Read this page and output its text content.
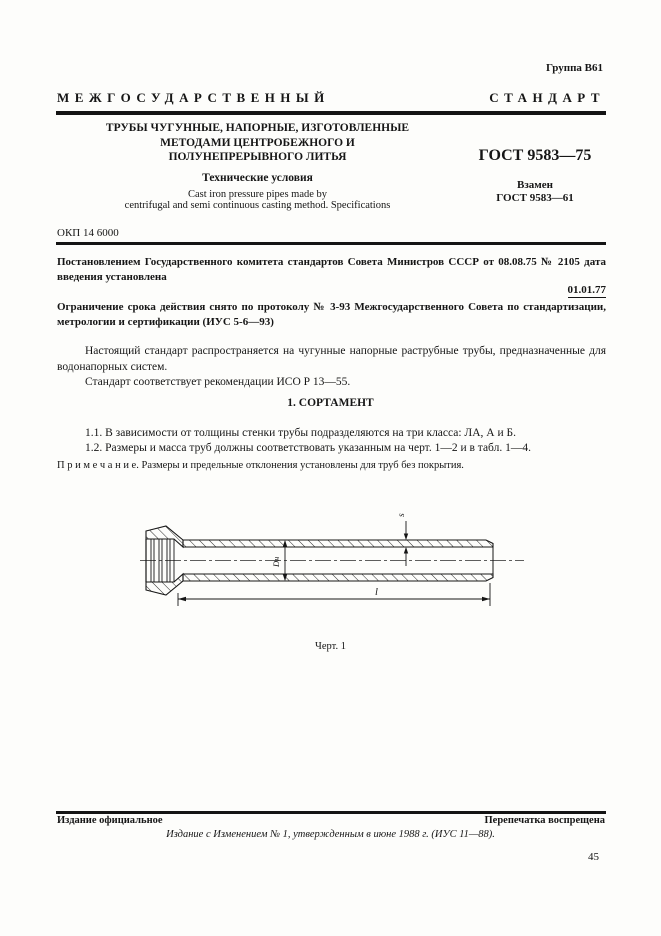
Группа В61
МЕЖГОСУДАРСТВЕННЫЙ	СТАНДАРТ
ТРУБЫ ЧУГУННЫЕ, НАПОРНЫЕ, ИЗГОТОВЛЕННЫЕ
МЕТОДАМИ ЦЕНТРОБЕЖНОГО И
ПОЛУНЕПРЕРЫВНОГО ЛИТЬЯ
Технические условия
Cast iron pressure pipes made by
centrifugal and semi continuous casting method. Specifications
ГОСТ 9583—75
Взамен
ГОСТ 9583—61
ОКП 14 6000
Постановлением Государственного комитета стандартов Совета Министров СССР от 08.08.75 № 2105 дата введения установлена
01.01.77
Ограничение срока действия снято по протоколу № 3-93 Межгосударственного Совета по стандартизации, метрологии и сертификации (ИУС 5-6—93)
Настоящий стандарт распространяется на чугунные напорные раструбные трубы, предназначенные для водонапорных систем.
Стандарт соответствует рекомендации ИСО Р 13—55.
1. СОРТАМЕНТ
1.1. В зависимости от толщины стенки трубы подразделяются на три класса: ЛА, А и Б.
1.2. Размеры и масса труб должны соответствовать указанным на черт. 1—2 и в табл. 1—4.
П р и м е ч а н и е. Размеры и предельные отклонения установлены для труб без покрытия.
s
Dн
l
Черт. 1
Издание официальное	Перепечатка воспрещена
Издание с Изменением № 1, утвержденным в июне 1988 г. (ИУС 11—88).
45
